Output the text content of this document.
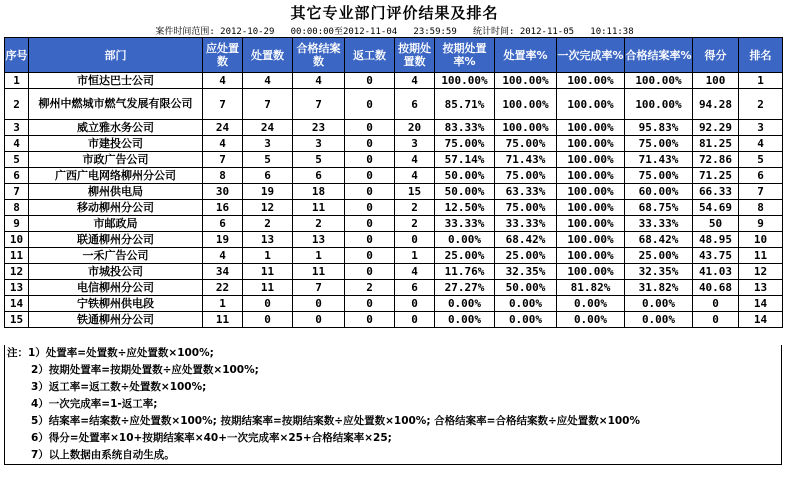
其它专业部门评价结果及排名
案件时间范围: 2012-10-29   00:00:00至2012-11-04   23:59:59   统计时间: 2012-11-05   10:11:38
序号	部门	应处置数	处置数	合格结案数	返工数	按期处置数	按期处置率%	处置率%	一次完成率%	合格结案率%	得分	排名
1	市恒达巴士公司	4	4	4	0	4	100.00%	100.00%	100.00%	100.00%	100	1
2	柳州中燃城市燃气发展有限公司	7	7	7	0	6	85.71%	100.00%	100.00%	100.00%	94.28	2
3	威立雅水务公司	24	24	23	0	20	83.33%	100.00%	100.00%	95.83%	92.29	3
4	市建投公司	4	3	3	0	3	75.00%	75.00%	100.00%	75.00%	81.25	4
5	市政广告公司	7	5	5	0	4	57.14%	71.43%	100.00%	71.43%	72.86	5
6	广西广电网络柳州分公司	8	6	6	0	4	50.00%	75.00%	100.00%	75.00%	71.25	6
7	柳州供电局	30	19	18	0	15	50.00%	63.33%	100.00%	60.00%	66.33	7
8	移动柳州分公司	16	12	11	0	2	12.50%	75.00%	100.00%	68.75%	54.69	8
9	市邮政局	6	2	2	0	2	33.33%	33.33%	100.00%	33.33%	50	9
10	联通柳州分公司	19	13	13	0	0	0.00%	68.42%	100.00%	68.42%	48.95	10
11	一禾广告公司	4	1	1	0	1	25.00%	25.00%	100.00%	25.00%	43.75	11
12	市城投公司	34	11	11	0	4	11.76%	32.35%	100.00%	32.35%	41.03	12
13	电信柳州分公司	22	11	7	2	6	27.27%	50.00%	81.82%	31.82%	40.68	13
14	宁铁柳州供电段	1	0	0	0	0	0.00%	0.00%	0.00%	0.00%	0	14
15	铁通柳州分公司	11	0	0	0	0	0.00%	0.00%	0.00%	0.00%	0	14
注：1）处置率=处置数÷应处置数×100%;
2）按期处置率=按期处置数÷应处置数×100%;
3）返工率=返工数÷处置数×100%;
4）一次完成率=1-返工率;
5）结案率=结案数÷应处置数×100%; 按期结案率=按期结案数÷应处置数×100%; 合格结案率=合格结案数÷应处置数×100%
6）得分=处置率×10+按期结案率×40+一次完成率×25+合格结案率×25;
7）以上数据由系统自动生成。
